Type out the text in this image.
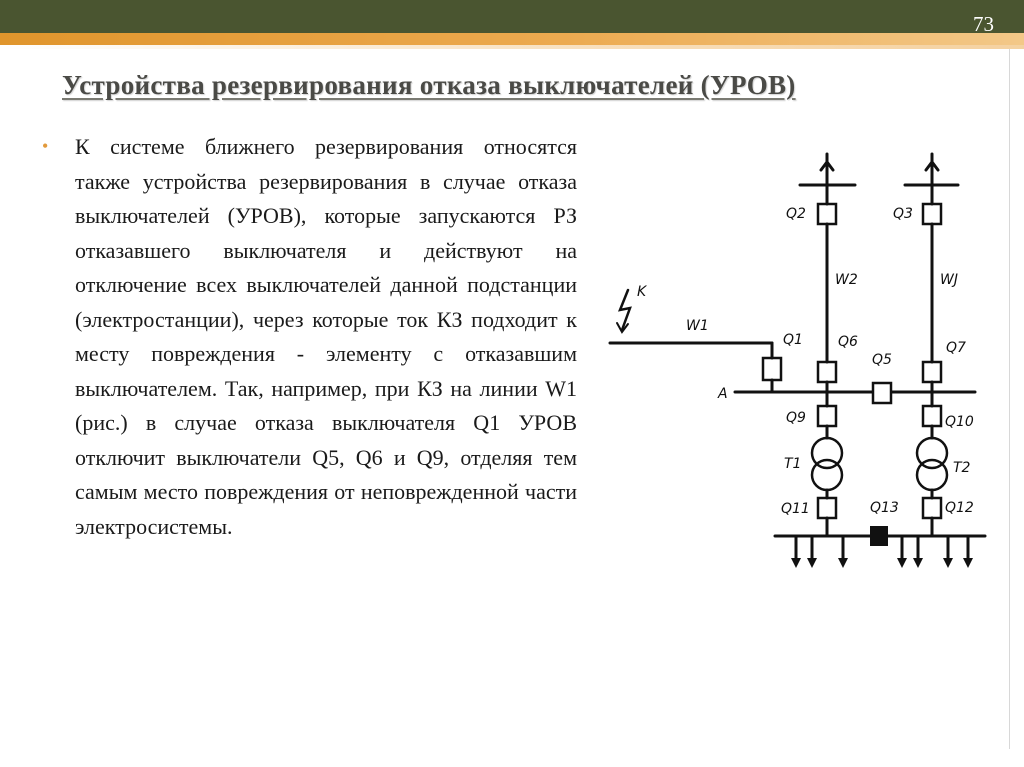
73
Устройства резервирования отказа выключателей (УРОВ)
• К системе ближнего резервирования относятся также устройства резервирования в случае отказа выключателей (УРОВ), которые запускаются РЗ отказавшего выключателя и действуют на отключение всех выключателей данной подстанции (электростанции), через которые ток КЗ подходит к месту повреждения - элементу с отказавшим выключателем. Так, например, при КЗ на линии W1 (рис.) в случае отказа выключателя Q1 УРОВ отключит выключатели Q5, Q6 и Q9, отделяя тем самым место повреждения от неповрежденной части электросистемы.
Q2	Q3
W2	WJ
K
W1
Q1	Q6
Q5
Q7
A
Q9	Q10
T1	T2
Q11	Q13	Q12
